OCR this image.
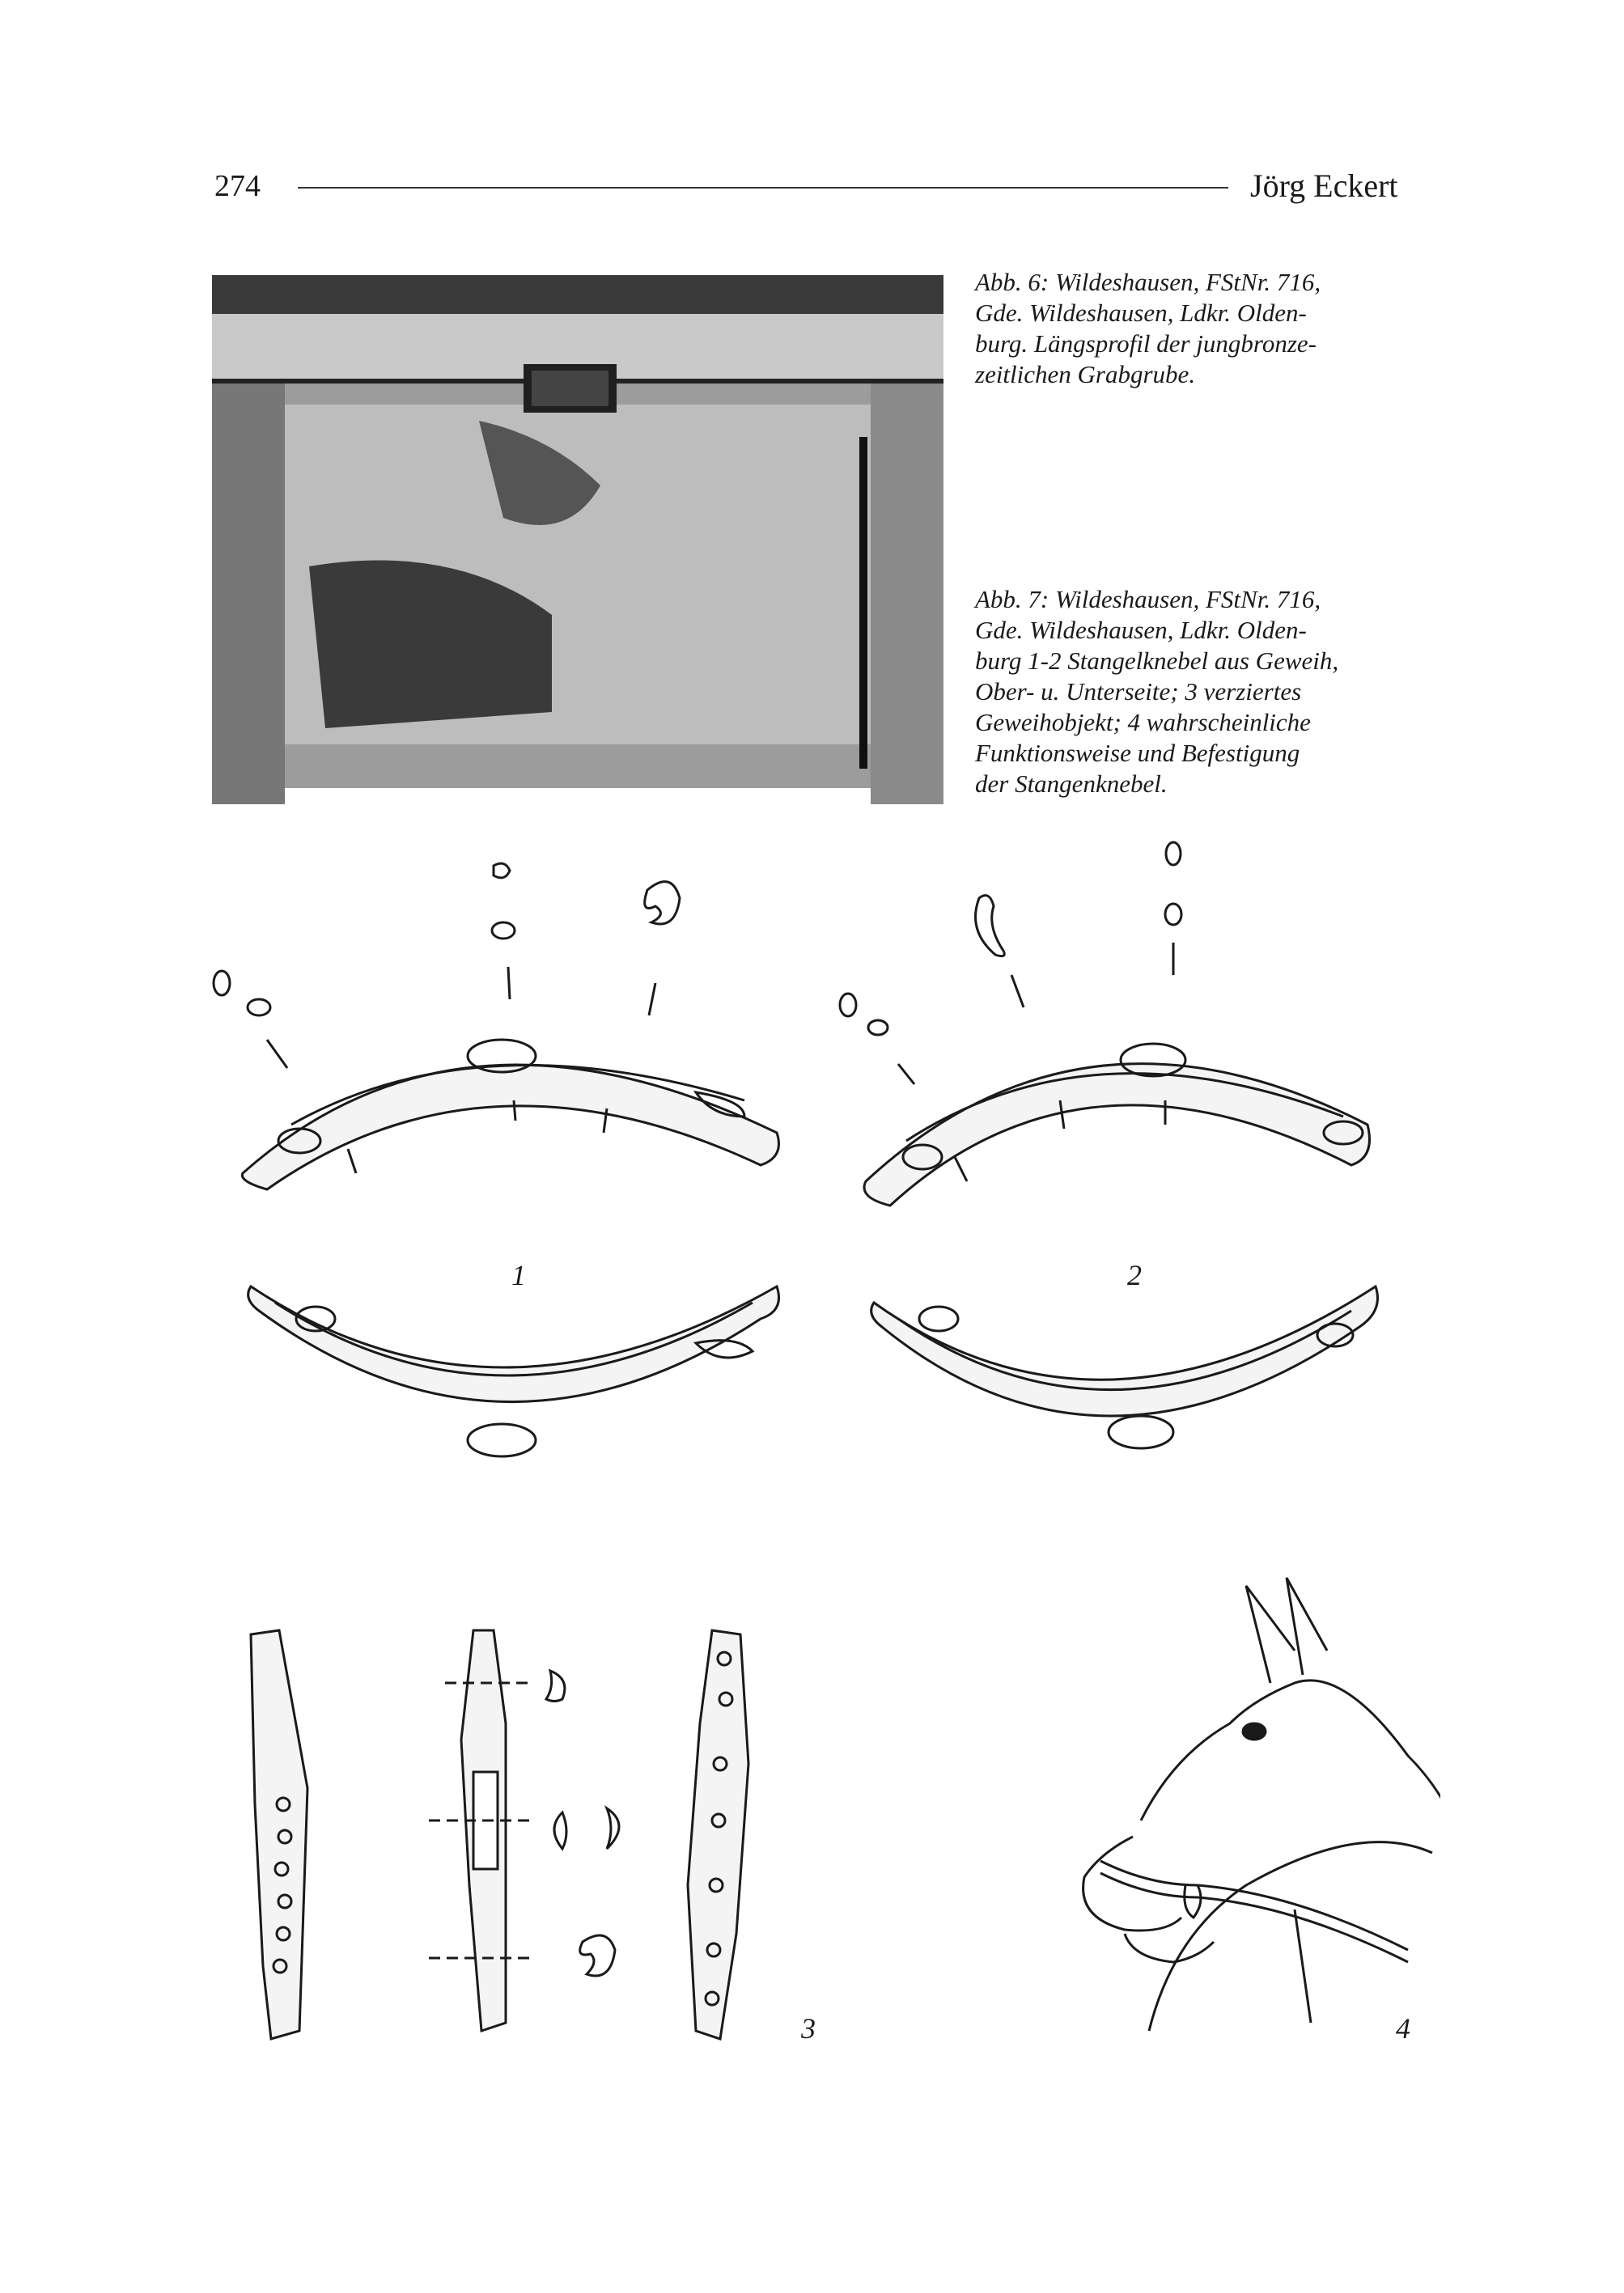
274	Jörg Eckert
Abb. 6: Wildeshausen, FStNr. 716,
Gde. Wildeshausen, Ldkr. Olden-
burg. Längsprofil der jungbronze-
zeitlichen Grabgrube.
Abb. 7: Wildeshausen, FStNr. 716,
Gde. Wildeshausen, Ldkr. Olden-
burg 1-2 Stangelknebel aus Geweih,
Ober- u. Unterseite; 3 verziertes
Geweihobjekt; 4 wahrscheinliche
Funktionsweise und Befestigung
der Stangenknebel.
1	2
3	4
